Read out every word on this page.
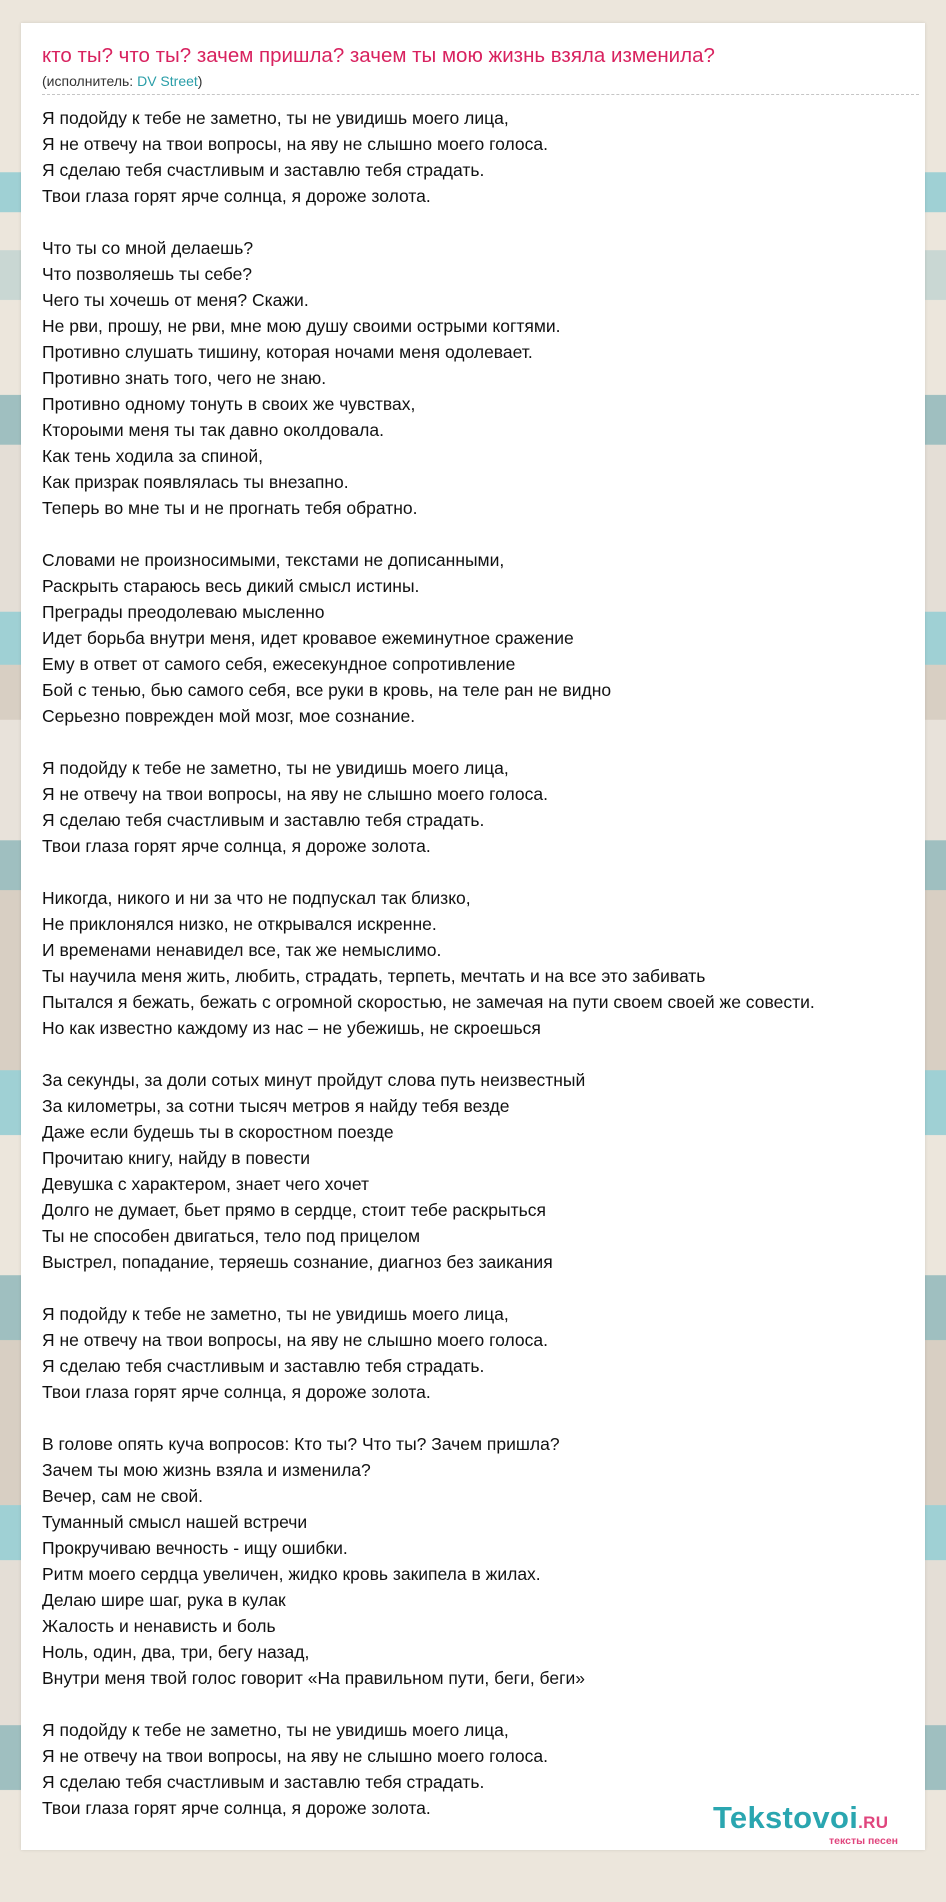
кто ты? что ты? зачем пришла? зачем ты мою жизнь взяла изменила?
(исполнитель: DV Street)
Я подойду к тебе не заметно, ты не увидишь моего лица,
Я не отвечу на твои вопросы, на яву не слышно моего голоса.
Я сделаю тебя счастливым и заставлю тебя страдать.
Твои глаза горят ярче солнца, я дороже золота.
Что ты со мной делаешь?
Что позволяешь ты себе?
Чего ты хочешь от меня? Скажи.
Не рви, прошу, не рви, мне мою душу своими острыми когтями.
Противно слушать тишину, которая ночами меня одолевает.
Противно знать того, чего не знаю.
Противно одному тонуть в своих же чувствах,
Ктороыми меня ты так давно околдовала.
Как тень ходила за спиной,
Как призрак появлялась ты внезапно.
Теперь во мне ты и не прогнать тебя обратно.
Словами не произносимыми, текстами не дописанными,
Раскрыть стараюсь весь дикий смысл истины.
Преграды преодолеваю мысленно
Идет борьба внутри меня, идет кровавое ежеминутное сражение
Ему в ответ от самого себя, ежесекундное сопротивление
Бой с тенью, бью самого себя, все руки в кровь, на теле ран не видно
Серьезно поврежден мой мозг, мое сознание.
Я подойду к тебе не заметно, ты не увидишь моего лица,
Я не отвечу на твои вопросы, на яву не слышно моего голоса.
Я сделаю тебя счастливым и заставлю тебя страдать.
Твои глаза горят ярче солнца, я дороже золота.
Никогда, никого и ни за что не подпускал так близко,
Не приклонялся низко, не открывался искренне.
И временами ненавидел все, так же немыслимо.
Ты научила меня жить, любить, страдать, терпеть, мечтать и на все это забивать
Пытался я бежать, бежать с огромной скоростью, не замечая на пути своем своей же совести.
Но как известно каждому из нас – не убежишь, не скроешься
За секунды, за доли сотых минут пройдут слова путь неизвестный
За километры, за сотни тысяч метров я найду тебя везде
Даже если будешь ты в скоростном поезде
Прочитаю книгу, найду в повести
Девушка с характером, знает чего хочет
Долго не думает, бьет прямо в сердце, стоит тебе раскрыться
Ты не способен двигаться, тело под прицелом
Выстрел, попадание, теряешь сознание, диагноз без заикания
Я подойду к тебе не заметно, ты не увидишь моего лица,
Я не отвечу на твои вопросы, на яву не слышно моего голоса.
Я сделаю тебя счастливым и заставлю тебя страдать.
Твои глаза горят ярче солнца, я дороже золота.
В голове опять куча вопросов: Кто ты? Что ты? Зачем пришла?
Зачем ты мою жизнь взяла и изменила?
Вечер, сам не свой.
Туманный смысл нашей встречи
Прокручиваю вечность - ищу ошибки.
Ритм моего сердца увеличен, жидко кровь закипела в жилах.
Делаю шире шаг, рука в кулак
Жалость и ненависть и боль
Ноль, один, два, три, бегу назад,
Внутри меня твой голос говорит «На правильном пути, беги, беги»
Я подойду к тебе не заметно, ты не увидишь моего лица,
Я не отвечу на твои вопросы, на яву не слышно моего голоса.
Я сделаю тебя счастливым и заставлю тебя страдать.
Твои глаза горят ярче солнца, я дороже золота.	Tekstovoi.RU
тексты песен
